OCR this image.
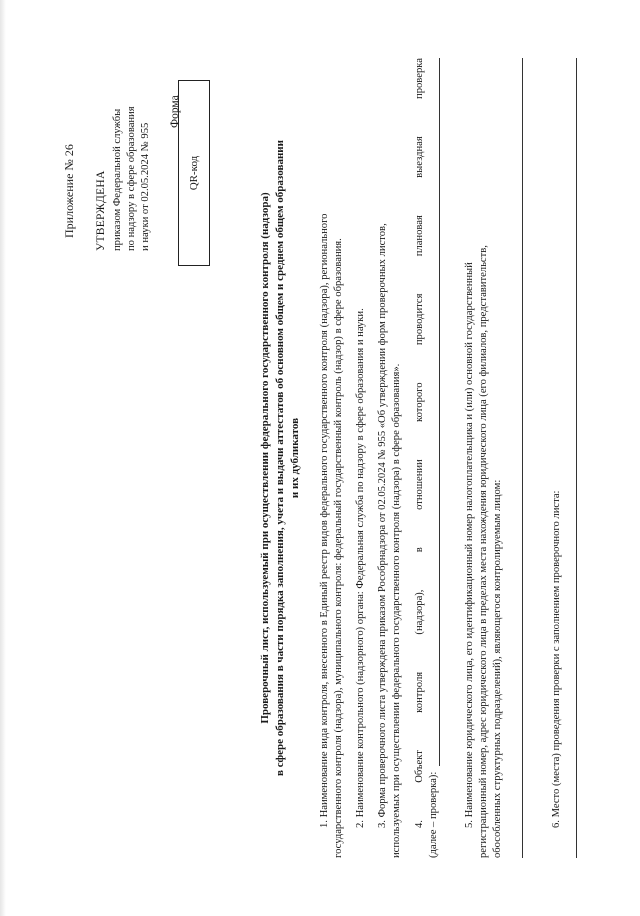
Приложение № 26 УТВЕРЖДЕНА приказом Федеральной службы по надзору в сфере образования и науки от 02.05.2024 № 955
Форма
QR-код
Проверочный лист, используемый при осуществлении федерального государственного контроля (надзора) в сфере образования в части порядка заполнения, учета и выдачи аттестатов об основном общем и среднем общем образовании и их дубликатов 1. Наименование вида контроля, внесенного в Единый реестр видов федерального государственного контроля (надзора), регионального государственного контроля (надзора), муниципального контроля: федеральный государственный контроль (надзор) в сфере образования. 2. Наименование контрольного (надзорного) органа: Федеральная служба по надзору в сфере образования и науки. 3. Форма проверочного листа утверждена приказом Рособрнадзора от 02.05.2024 № 955 «Об утверждении форм проверочных листов, используемых при осуществлении федерального государственного контроля (надзора) в сфере образования». 4.
Объект
контроля
(надзора),
в
отношении
которого
проводится
плановая
выездная
проверка
(далее – проверка): 5. Наименование юридического лица, его идентификационный номер налогоплательщика и (или) основной государственный регистрационный номер, адрес юридического лица в пределах места нахождения юридического лица (его филиалов, представительств, обособленных структурных подразделений), являющегося контролируемым лицом:	6. Место (места) проведения проверки с заполнением проверочного листа:
